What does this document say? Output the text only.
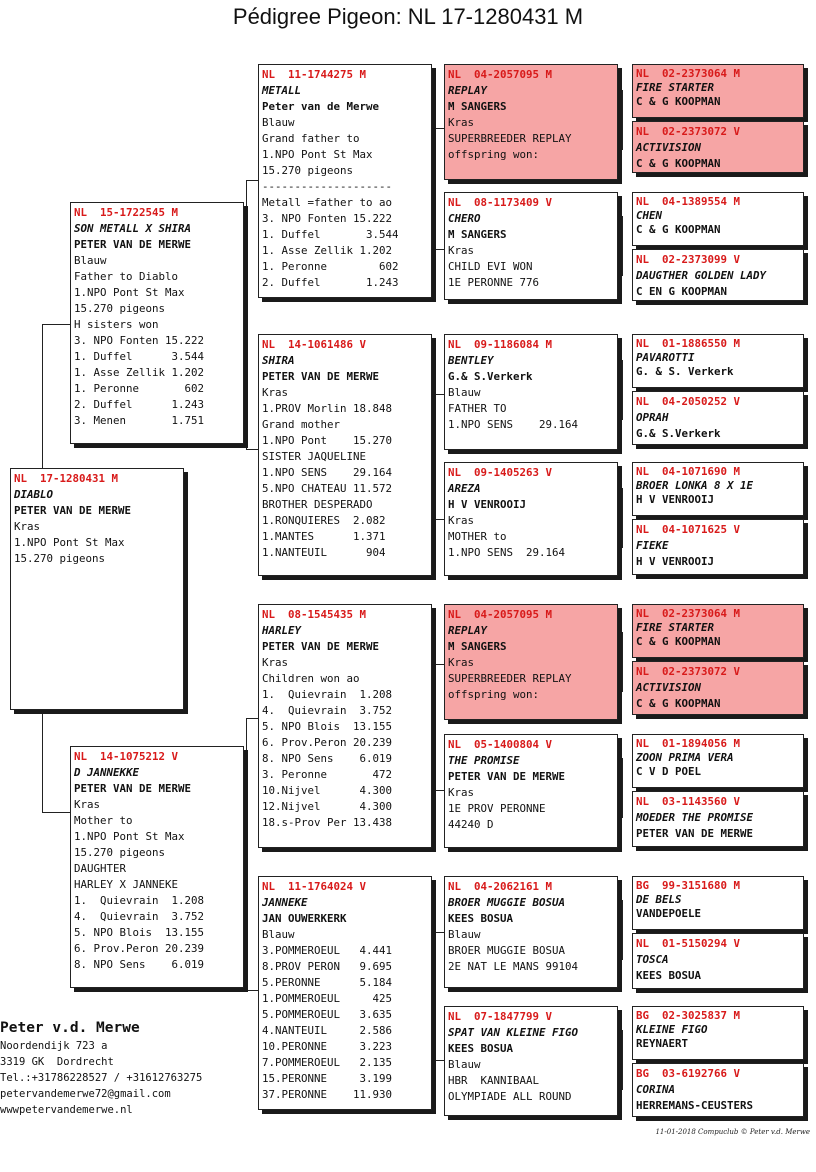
Pédigree Pigeon: NL 17-1280431 M
NL  17-1280431 M
DIABLO
PETER VAN DE MERWE
Kras
1.NPO Pont St Max
15.270 pigeons
NL  15-1722545 M
SON METALL X SHIRA
PETER VAN DE MERWE
Blauw
Father to Diablo
1.NPO Pont St Max
15.270 pigeons
H sisters won
3. NPO Fonten 15.222
1. Duffel      3.544
1. Asse Zellik 1.202
1. Peronne       602
2. Duffel      1.243
3. Menen       1.751
NL  14-1075212 V
D JANNEKKE
PETER VAN DE MERWE
Kras
Mother to
1.NPO Pont St Max
15.270 pigeons
DAUGHTER
HARLEY X JANNEKE
1.  Quievrain  1.208
4.  Quievrain  3.752
5. NPO Blois  13.155
6. Prov.Peron 20.239
8. NPO Sens    6.019
NL  11-1744275 M
METALL
Peter van de Merwe
Blauw
Grand father to
1.NPO Pont St Max
15.270 pigeons
--------------------
Metall =father to ao
3. NPO Fonten 15.222
1. Duffel       3.544
1. Asse Zellik 1.202
1. Peronne        602
2. Duffel       1.243
NL  14-1061486 V
SHIRA
PETER VAN DE MERWE
Kras
1.PROV Morlin 18.848
Grand mother
1.NPO Pont    15.270
SISTER JAQUELINE
1.NPO SENS    29.164
5.NPO CHATEAU 11.572
BROTHER DESPERADO
1.RONQUIERES  2.082
1.MANTES      1.371
1.NANTEUIL      904
NL  08-1545435 M
HARLEY
PETER VAN DE MERWE
Kras
Children won ao
1.  Quievrain  1.208
4.  Quievrain  3.752
5. NPO Blois  13.155
6. Prov.Peron 20.239
8. NPO Sens    6.019
3. Peronne       472
10.Nijvel      4.300
12.Nijvel      4.300
18.s-Prov Per 13.438
NL  11-1764024 V
JANNEKE
JAN OUWERKERK
Blauw
3.POMMEROEUL   4.441
8.PROV PERON   9.695
5.PERONNE      5.184
1.POMMEROEUL     425
5.POMMEROEUL   3.635
4.NANTEUIL     2.586
10.PERONNE     3.223
7.POMMEROEUL   2.135
15.PERONNE     3.199
37.PERONNE    11.930
NL  04-2057095 M
REPLAY
M SANGERS
Kras
SUPERBREEDER REPLAY
offspring won:
NL  08-1173409 V
CHERO
M SANGERS
Kras
CHILD EVI WON
1E PERONNE 776
NL  09-1186084 M
BENTLEY
G.& S.Verkerk
Blauw
FATHER TO
1.NPO SENS    29.164
NL  09-1405263 V
AREZA
H V VENROOIJ
Kras
MOTHER to
1.NPO SENS  29.164
NL  04-2057095 M
REPLAY
M SANGERS
Kras
SUPERBREEDER REPLAY
offspring won:
NL  05-1400804 V
THE PROMISE
PETER VAN DE MERWE
Kras
1E PROV PERONNE
44240 D
NL  04-2062161 M
BROER MUGGIE BOSUA
KEES BOSUA
Blauw
BROER MUGGIE BOSUA
2E NAT LE MANS 99104
NL  07-1847799 V
SPAT VAN KLEINE FIGO
KEES BOSUA
Blauw
HBR  KANNIBAAL
OLYMPIADE ALL ROUND
NL  02-2373064 M
FIRE STARTER
C & G KOOPMAN
NL  02-2373072 V
ACTIVISION
C & G KOOPMAN
NL  04-1389554 M
CHEN
C & G KOOPMAN
NL  02-2373099 V
DAUGTHER GOLDEN LADY
C EN G KOOPMAN
NL  01-1886550 M
PAVAROTTI
G. & S. Verkerk
NL  04-2050252 V
OPRAH
G.& S.Verkerk
NL  04-1071690 M
BROER LONKA 8 X 1E
H V VENROOIJ
NL  04-1071625 V
FIEKE
H V VENROOIJ
NL  02-2373064 M
FIRE STARTER
C & G KOOPMAN
NL  02-2373072 V
ACTIVISION
C & G KOOPMAN
NL  01-1894056 M
ZOON PRIMA VERA
C V D POEL
NL  03-1143560 V
MOEDER THE PROMISE
PETER VAN DE MERWE
BG  99-3151680 M
DE BELS
VANDEPOELE
NL  01-5150294 V
TOSCA
KEES BOSUA
BG  02-3025837 M
KLEINE FIGO
REYNAERT
BG  03-6192766 V
CORINA
HERREMANS-CEUSTERS
Peter v.d. Merwe
Noordendijk 723 a
3319 GK  Dordrecht
Tel.:+31786228527 / +31612763275
petervandemerwe72@gmail.com
wwwpetervandemerwe.nl
11-01-2018 Compuclub © Peter v.d. Merwe
